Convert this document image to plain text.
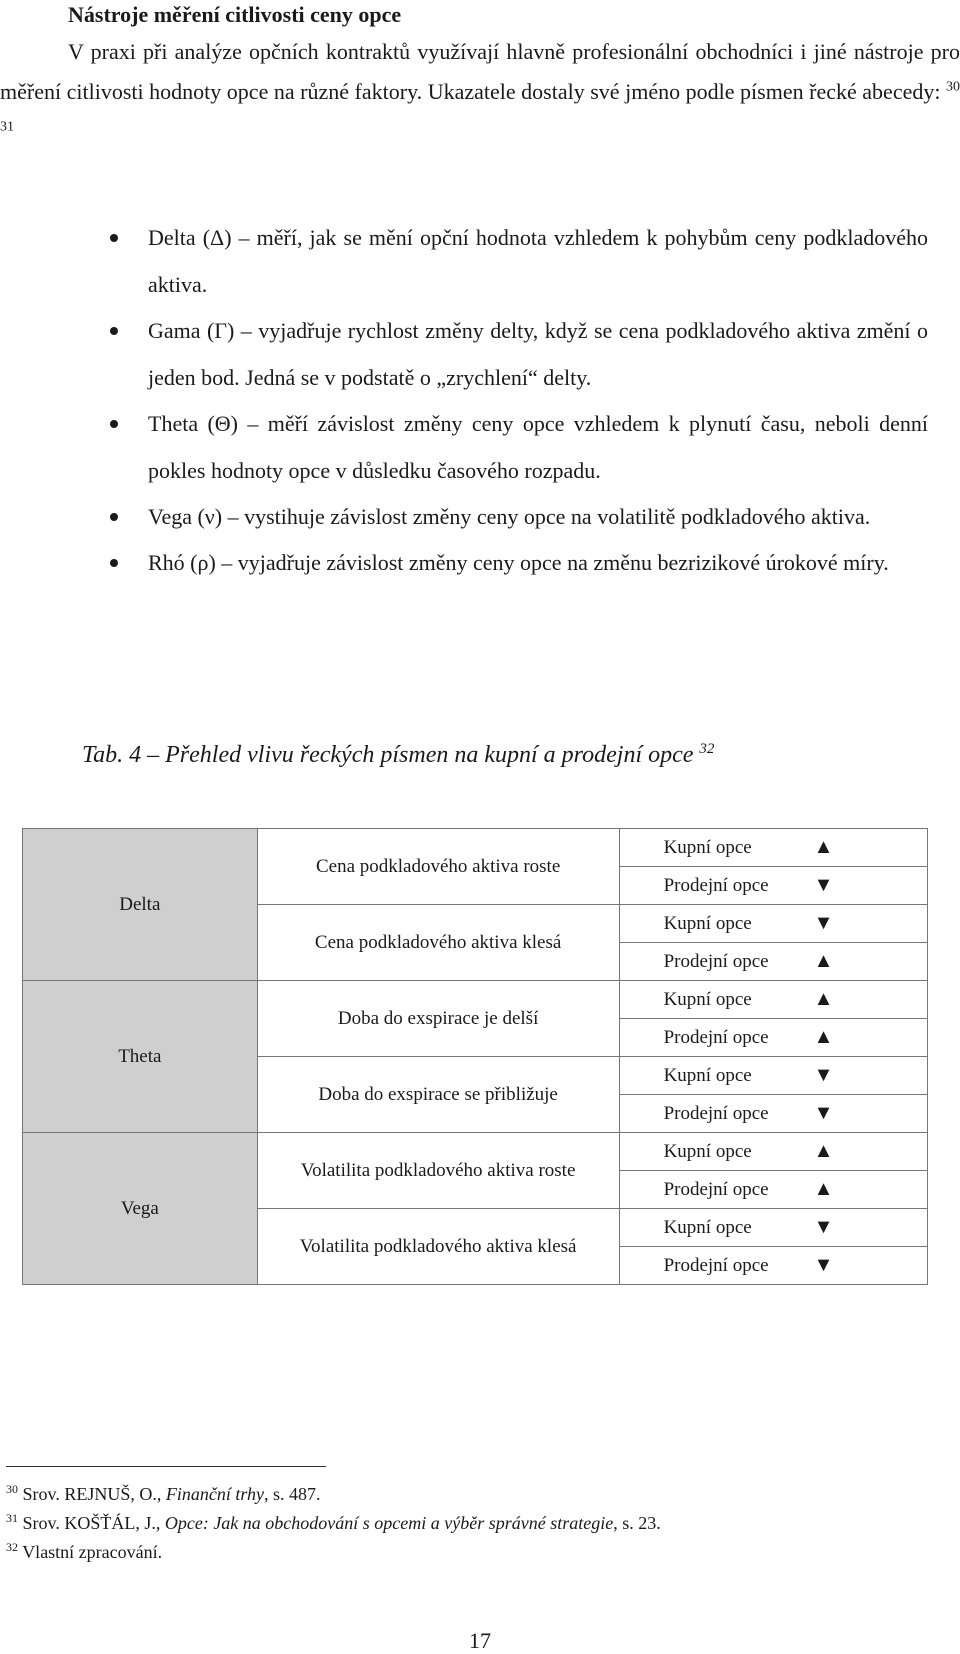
Nástroje měření citlivosti ceny opce
V praxi při analýze opčních kontraktů využívají hlavně profesionální obchodníci i jiné nástroje pro měření citlivosti hodnoty opce na různé faktory. Ukazatele dostaly své jméno podle písmen řecké abecedy: $^{30 31}$
Delta (Δ) – měří, jak se mění opční hodnota vzhledem k pohybům ceny podkladového aktiva.
Gama (Γ) – vyjadřuje rychlost změny delty, když se cena podkladového aktiva změní o jeden bod. Jedná se v podstatě o „zrychlení“ delty.
Theta (Θ) – měří závislost změny ceny opce vzhledem k plynutí času, neboli denní pokles hodnoty opce v důsledku časového rozpadu.
Vega (ν) – vystihuje závislost změny ceny opce na volatilitě podkladového aktiva.
Rhó (ρ) – vyjadřuje závislost změny ceny opce na změnu bezrizikové úrokové míry.
Tab. 4 – Přehled vlivu řeckých písmen na kupní a prodejní opce $^{32}$
Delta	Cena podkladového aktiva roste	Kupní opce ▲
		Prodejní opce ▼
	Cena podkladového aktiva klesá	Kupní opce ▼
		Prodejní opce ▲
Theta	Doba do exspirace je delší	Kupní opce ▲
		Prodejní opce ▲
	Doba do exspirace se přibližuje	Kupní opce ▼
		Prodejní opce ▼
Vega	Volatilita podkladového aktiva roste	Kupní opce ▲
		Prodejní opce ▲
	Volatilita podkladového aktiva klesá	Kupní opce ▼
		Prodejní opce ▼
$^{30}$ Srov. REJNUŠ, O., Finanční trhy, s. 487.
$^{31}$ Srov. KOŠŤÁL, J., Opce: Jak na obchodování s opcemi a výběr správné strategie, s. 23.
$^{32}$ Vlastní zpracování.
17
